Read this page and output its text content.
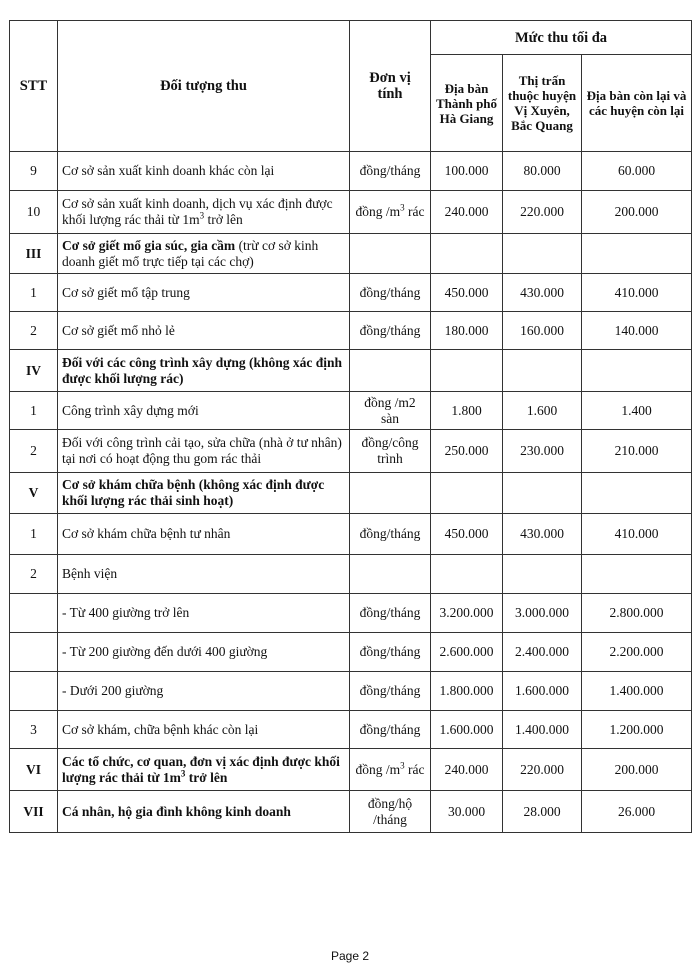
STT	Đối tượng thu	Đơn vị
tính	Mức thu tối đa		
			Địa bàn Thành phố Hà Giang	Thị trấn thuộc huyện Vị Xuyên, Bắc Quang	Địa bàn còn lại và các huyện còn lại
9	Cơ sở sản xuất kinh doanh khác còn lại	đồng/tháng	100.000	80.000	60.000
10	Cơ sở sản xuất kinh doanh, dịch vụ xác định được khối lượng rác thải từ $1m^3$ trở lên	đồng $/m^3$ rác	240.000	220.000	200.000
III	Cơ sở giết mổ gia súc, gia cầm (trừ cơ sở kinh doanh giết mổ trực tiếp tại các chợ)				
1	Cơ sở giết mổ tập trung	đồng/tháng	450.000	430.000	410.000
2	Cơ sở giết mổ nhỏ lẻ	đồng/tháng	180.000	160.000	140.000
IV	Đối với các công trình xây dựng (không xác định được khối lượng rác)				
1	Công trình xây dựng mới	đồng /m2 sàn	1.800	1.600	1.400
2	Đối với công trình cải tạo, sửa chữa (nhà ở tư nhân) tại nơi có hoạt động thu gom rác thải	đồng/công trình	250.000	230.000	210.000
V	Cơ sở khám chữa bệnh (không xác định được khối lượng rác thải sinh hoạt)				
1	Cơ sở khám chữa bệnh tư nhân	đồng/tháng	450.000	430.000	410.000
2	Bệnh viện				
	- Từ 400 giường trở lên	đồng/tháng	3.200.000	3.000.000	2.800.000
	- Từ 200 giường đến dưới 400 giường	đồng/tháng	2.600.000	2.400.000	2.200.000
	- Dưới 200 giường	đồng/tháng	1.800.000	1.600.000	1.400.000
3	Cơ sở khám, chữa bệnh khác còn lại	đồng/tháng	1.600.000	1.400.000	1.200.000
VI	Các tổ chức, cơ quan, đơn vị xác định được khối lượng rác thải từ $1m^3$ trở lên	đồng $/m^3$ rác	240.000	220.000	200.000
VII	Cá nhân, hộ gia đình không kinh doanh	đồng/hộ /tháng	30.000	28.000	26.000
Page 2
